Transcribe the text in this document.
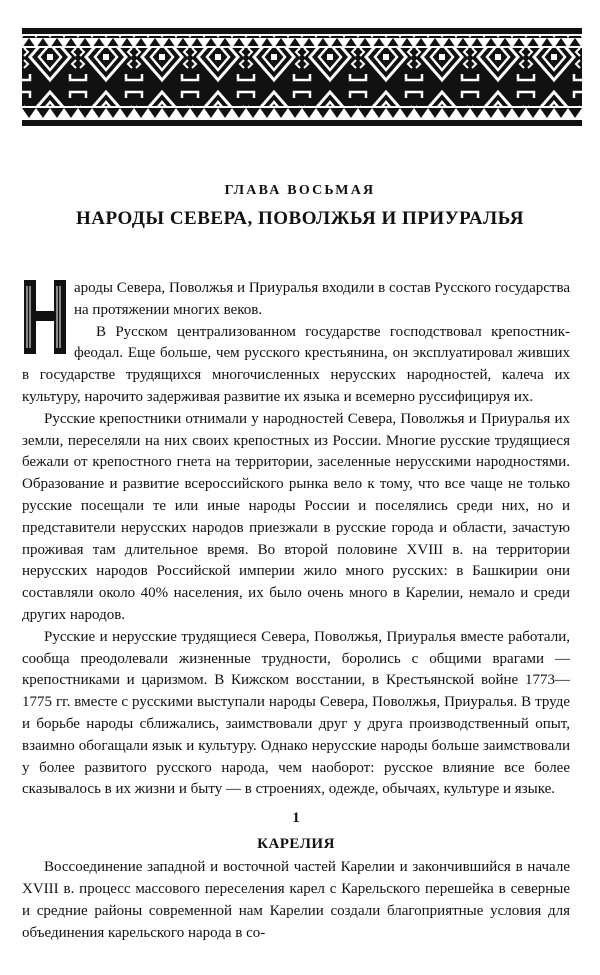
ГЛАВА ВОСЬМАЯ
НАРОДЫ СЕВЕРА, ПОВОЛЖЬЯ И ПРИУРАЛЬЯ

Н
ароды Севера, Поволжья и Приуралья входили в состав Русского государства на протяжении многих веков.

В Русском централизованном государстве господствовал крепостник-феодал. Еще больше, чем русского крестьянина, он эксплуатировал живших в государстве трудящихся многочисленных нерусских народностей, калеча их культуру, нарочито задерживая развитие их языка и всемерно руссифицируя их.

Русские крепостники отнимали у народностей Севера, Поволжья и Приуралья их земли, переселяли на них своих крепостных из России. Многие русские трудящиеся бежали от крепостного гнета на территории, заселенные нерусскими народностями. Образование и развитие всероссийского рынка вело к тому, что все чаще не только русские посещали те или иные народы России и поселялись среди них, но и представители нерусских народов приезжали в русские города и области, зачастую проживая там длительное время. Во второй половине XVIII в. на территории нерусских народов Российской империи жило много русских: в Башкирии они составляли около 40% населения, их было очень много в Карелии, немало и среди других народов.

Русские и нерусские трудящиеся Севера, Поволжья, Приуралья вместе работали, сообща преодолевали жизненные трудности, боролись с общими врагами — крепостниками и царизмом. В Кижском восстании, в Крестьянской войне 1773—1775 гг. вместе с русскими выступали народы Севера, Поволжья, Приуралья. В труде и борьбе народы сближались, заимствовали друг у друга производственный опыт, взаимно обогащали язык и культуру. Однако нерусские народы больше заимствовали у более развитого русского народа, чем наоборот: русское влияние все более сказывалось в их жизни и быту — в строениях, одежде, обычаях, культуре и языке.

1
КАРЕЛИЯ

Воссоединение западной и восточной частей Карелии и закончившийся в начале XVIII в. процесс массового переселения карел с Карельского перешейка в северные и средние районы современной нам Карелии создали благоприятные условия для объединения карельского народа в со-
